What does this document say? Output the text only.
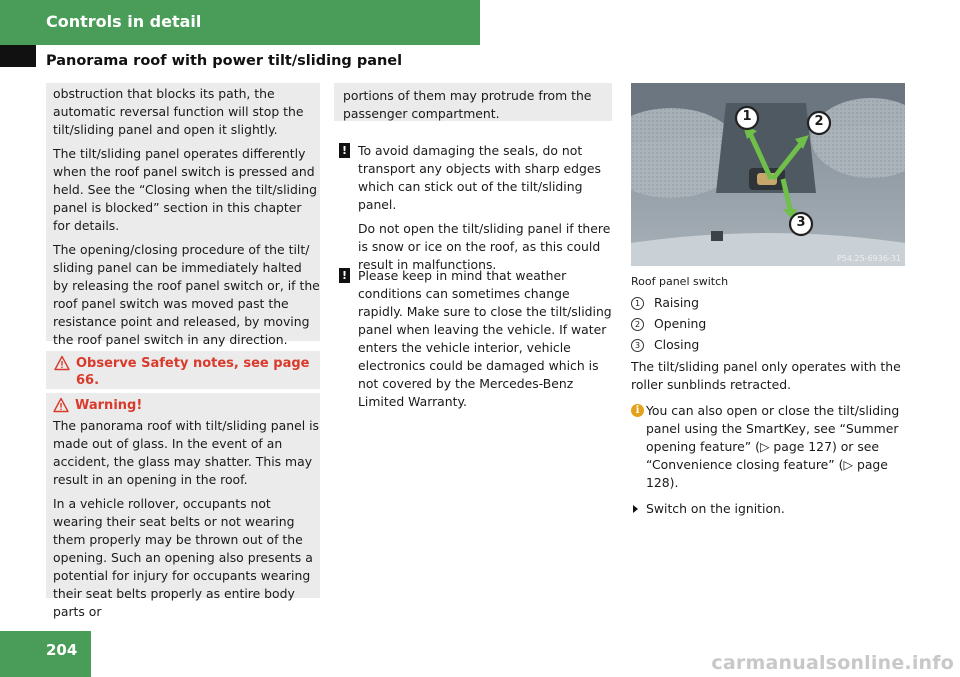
Controls in detail
Panorama roof with power tilt/sliding panel

obstruction that blocks its path, the automatic reversal function will stop the tilt/sliding panel and open it slightly.

The tilt/sliding panel operates differently when the roof panel switch is pressed and held. See the “Closing when the tilt/sliding panel is blocked” section in this chapter for details.

The opening/closing procedure of the tilt/ sliding panel can be immediately halted by releasing the roof panel switch or, if the roof panel switch was moved past the resistance point and released, by moving the roof panel switch in any direction.

Observe Safety notes, see page 66.
Warning!

The panorama roof with tilt/sliding panel is made out of glass. In the event of an accident, the glass may shatter. This may result in an opening in the roof.

In a vehicle rollover, occupants not wearing their seat belts or not wearing them properly may be thrown out of the opening. Such an opening also presents a potential for injury for occupants wearing their seat belts properly as entire body parts or

portions of them may protrude from the passenger compartment.
! To avoid damaging the seals, do not transport any objects with sharp edges which can stick out of the tilt/sliding panel.

Do not open the tilt/sliding panel if there is snow or ice on the roof, as this could result in malfunctions.

! Please keep in mind that weather conditions can sometimes change rapidly. Make sure to close the tilt/sliding panel when leaving the vehicle. If water enters the vehicle interior, vehicle electronics could be damaged which is not covered by the Mercedes-Benz Limited Warranty.

1	2
3
P54.25-6936-31
Roof panel switch
1	Raising
2	Opening
3	Closing

The tilt/sliding panel only operates with the roller sunblinds retracted.

i You can also open or close the tilt/sliding panel using the SmartKey, see “Summer opening feature” (▷ page 127) or see “Convenience closing feature” (▷ page 128).
Switch on the ignition.
204
carmanualsonline.info
